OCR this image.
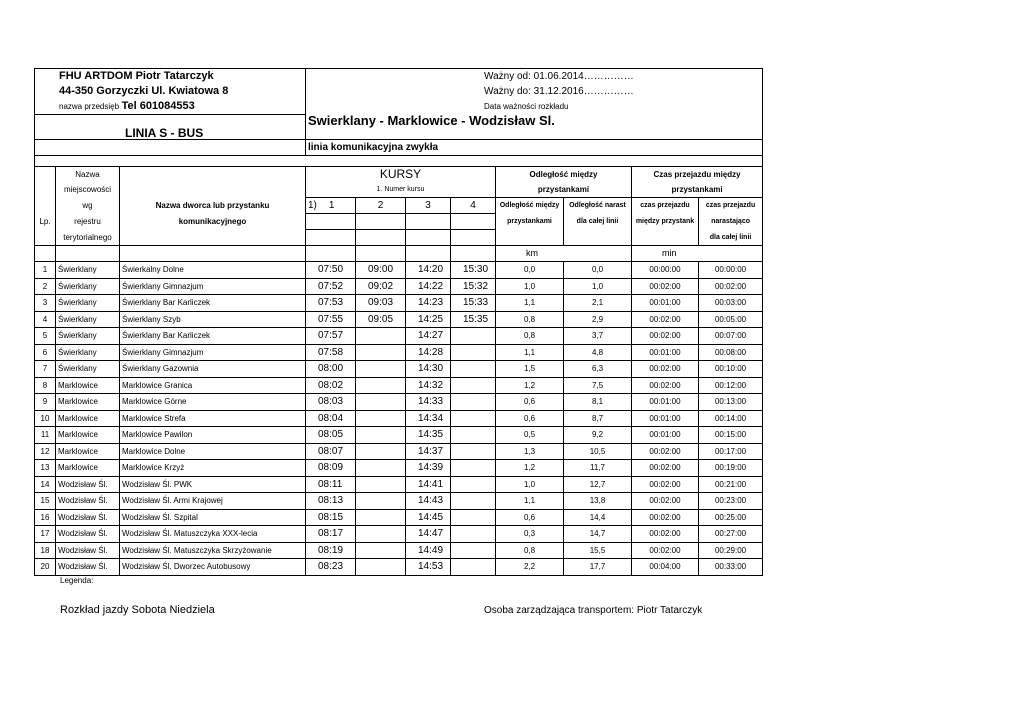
FHU ARTDOM Piotr Tatarczyk			Ważny od: 01.06.2014……………							
44-350 Gorzyczki Ul. Kwiatowa 8			Ważny do: 31.12.2016……………							
nazwa przedsięb Tel 601084553			Data ważności rozkładu							
LINIA S - BUS			Swierklany - Marklowice - Wodzisław Sl.							
			linia komunikacyjna zwykła							

	Nazwa		KURSY				Odległość między		Czas przejazdu między	
	miejscowości		1. Numer kursu				przystankami		przystankami	
	wg	Nazwa dworca lub przystanku	1) 1	2	3	4	Odległość między	Odległość narast	czas przejazdu	czas przejazdu
Lp.	rejestru	komunikacyjnego					przystankami	dla całej linii	między przystank	narastająco
	terytorialnego									dla całej linii
							km		min	
1	Świerklany	Świerkalny Dolne	07:50	09:00	14:20	15:30	0,0	0,0	00:00:00	00:00:00
2	Świerklany	Świerklany Gimnazjum	07:52	09:02	14:22	15:32	1,0	1,0	00:02:00	00:02:00
3	Świerklany	Świerklany Bar Karliczek	07:53	09:03	14:23	15:33	1,1	2,1	00:01:00	00:03:00
4	Świerklany	Świerklany Szyb	07:55	09:05	14:25	15:35	0,8	2,9	00:02:00	00:05:00
5	Świerklany	Świerklany Bar Karliczek	07:57		14:27		0,8	3,7	00:02:00	00:07:00
6	Świerklany	Świerklany Gimnazjum	07:58		14:28		1,1	4,8	00:01:00	00:08:00
7	Świerklany	Świerklany Gazownia	08:00		14:30		1,5	6,3	00:02:00	00:10:00
8	Marklowice	Marklowice Granica	08:02		14:32		1,2	7,5	00:02:00	00:12:00
9	Marklowice	Marklowice Górne	08:03		14:33		0,6	8,1	00:01:00	00:13:00
10	Marklowice	Marklowice Strefa	08:04		14:34		0,6	8,7	00:01:00	00:14:00
11	Marklowice	Marklowice Pawilon	08:05		14:35		0,5	9,2	00:01:00	00:15:00
12	Marklowice	Marklowice Dolne	08:07		14:37		1,3	10,5	00:02:00	00:17:00
13	Marklowice	Marklowice Krzyż	08:09		14:39		1,2	11,7	00:02:00	00:19:00
14	Wodzisław Śl.	Wodzisław Śl. PWK	08:11		14:41		1,0	12,7	00:02:00	00:21:00
15	Wodzisław Śl.	Wodzisław Śl. Armi Krajowej	08:13		14:43		1,1	13,8	00:02:00	00:23:00
16	Wodzisław Śl.	Wodzisław Śl. Szpital	08:15		14:45		0,6	14,4	00:02:00	00:25:00
17	Wodzisław Śl.	Wodzisław Śl. Matuszczyka XXX-lecia	08:17		14:47		0,3	14,7	00:02:00	00:27:00
18	Wodzisław Śl.	Wodzisław Śl. Matuszczyka Skrzyżowanie	08:19		14:49		0,8	15,5	00:02:00	00:29:00
20	Wodzisław Śl.	Wodzisław Śl. Dworzec Autobusowy	08:23		14:53		2,2	17,7	00:04:00	00:33:00
Legenda:
Rozkład jazdy Sobota Niedziela	Osoba zarządzająca transportem: Piotr Tatarczyk
